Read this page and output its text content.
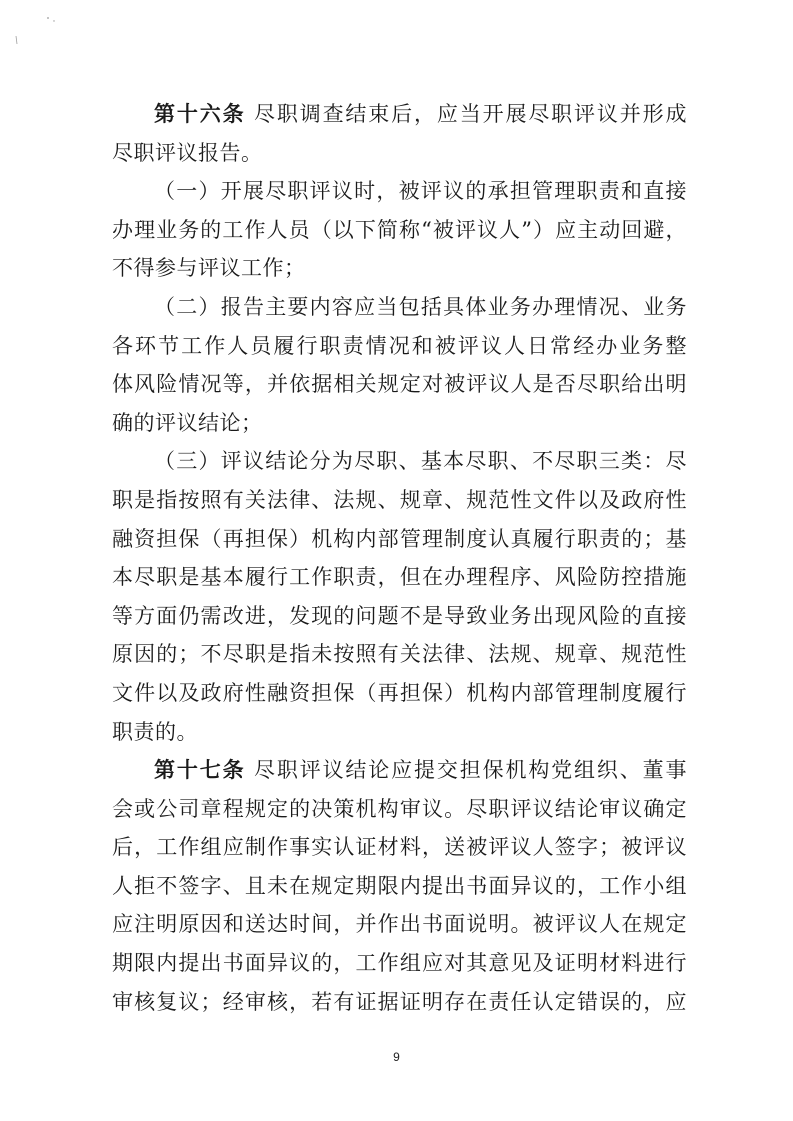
第十六条 尽职调查结束后，应当开展尽职评议并形成
尽职评议报告。
（一）开展尽职评议时，被评议的承担管理职责和直接
办理业务的工作人员（以下简称“被评议人”）应主动回避，
不得参与评议工作；
（二）报告主要内容应当包括具体业务办理情况、业务
各环节工作人员履行职责情况和被评议人日常经办业务整
体风险情况等，并依据相关规定对被评议人是否尽职给出明
确的评议结论；
（三）评议结论分为尽职、基本尽职、不尽职三类：尽
职是指按照有关法律、法规、规章、规范性文件以及政府性
融资担保（再担保）机构内部管理制度认真履行职责的；基
本尽职是基本履行工作职责，但在办理程序、风险防控措施
等方面仍需改进，发现的问题不是导致业务出现风险的直接
原因的；不尽职是指未按照有关法律、法规、规章、规范性
文件以及政府性融资担保（再担保）机构内部管理制度履行
职责的。
第十七条 尽职评议结论应提交担保机构党组织、董事
会或公司章程规定的决策机构审议。尽职评议结论审议确定
后，工作组应制作事实认证材料，送被评议人签字；被评议
人拒不签字、且未在规定期限内提出书面异议的，工作小组
应注明原因和送达时间，并作出书面说明。被评议人在规定
期限内提出书面异议的，工作组应对其意见及证明材料进行
审核复议；经审核，若有证据证明存在责任认定错误的，应
9
